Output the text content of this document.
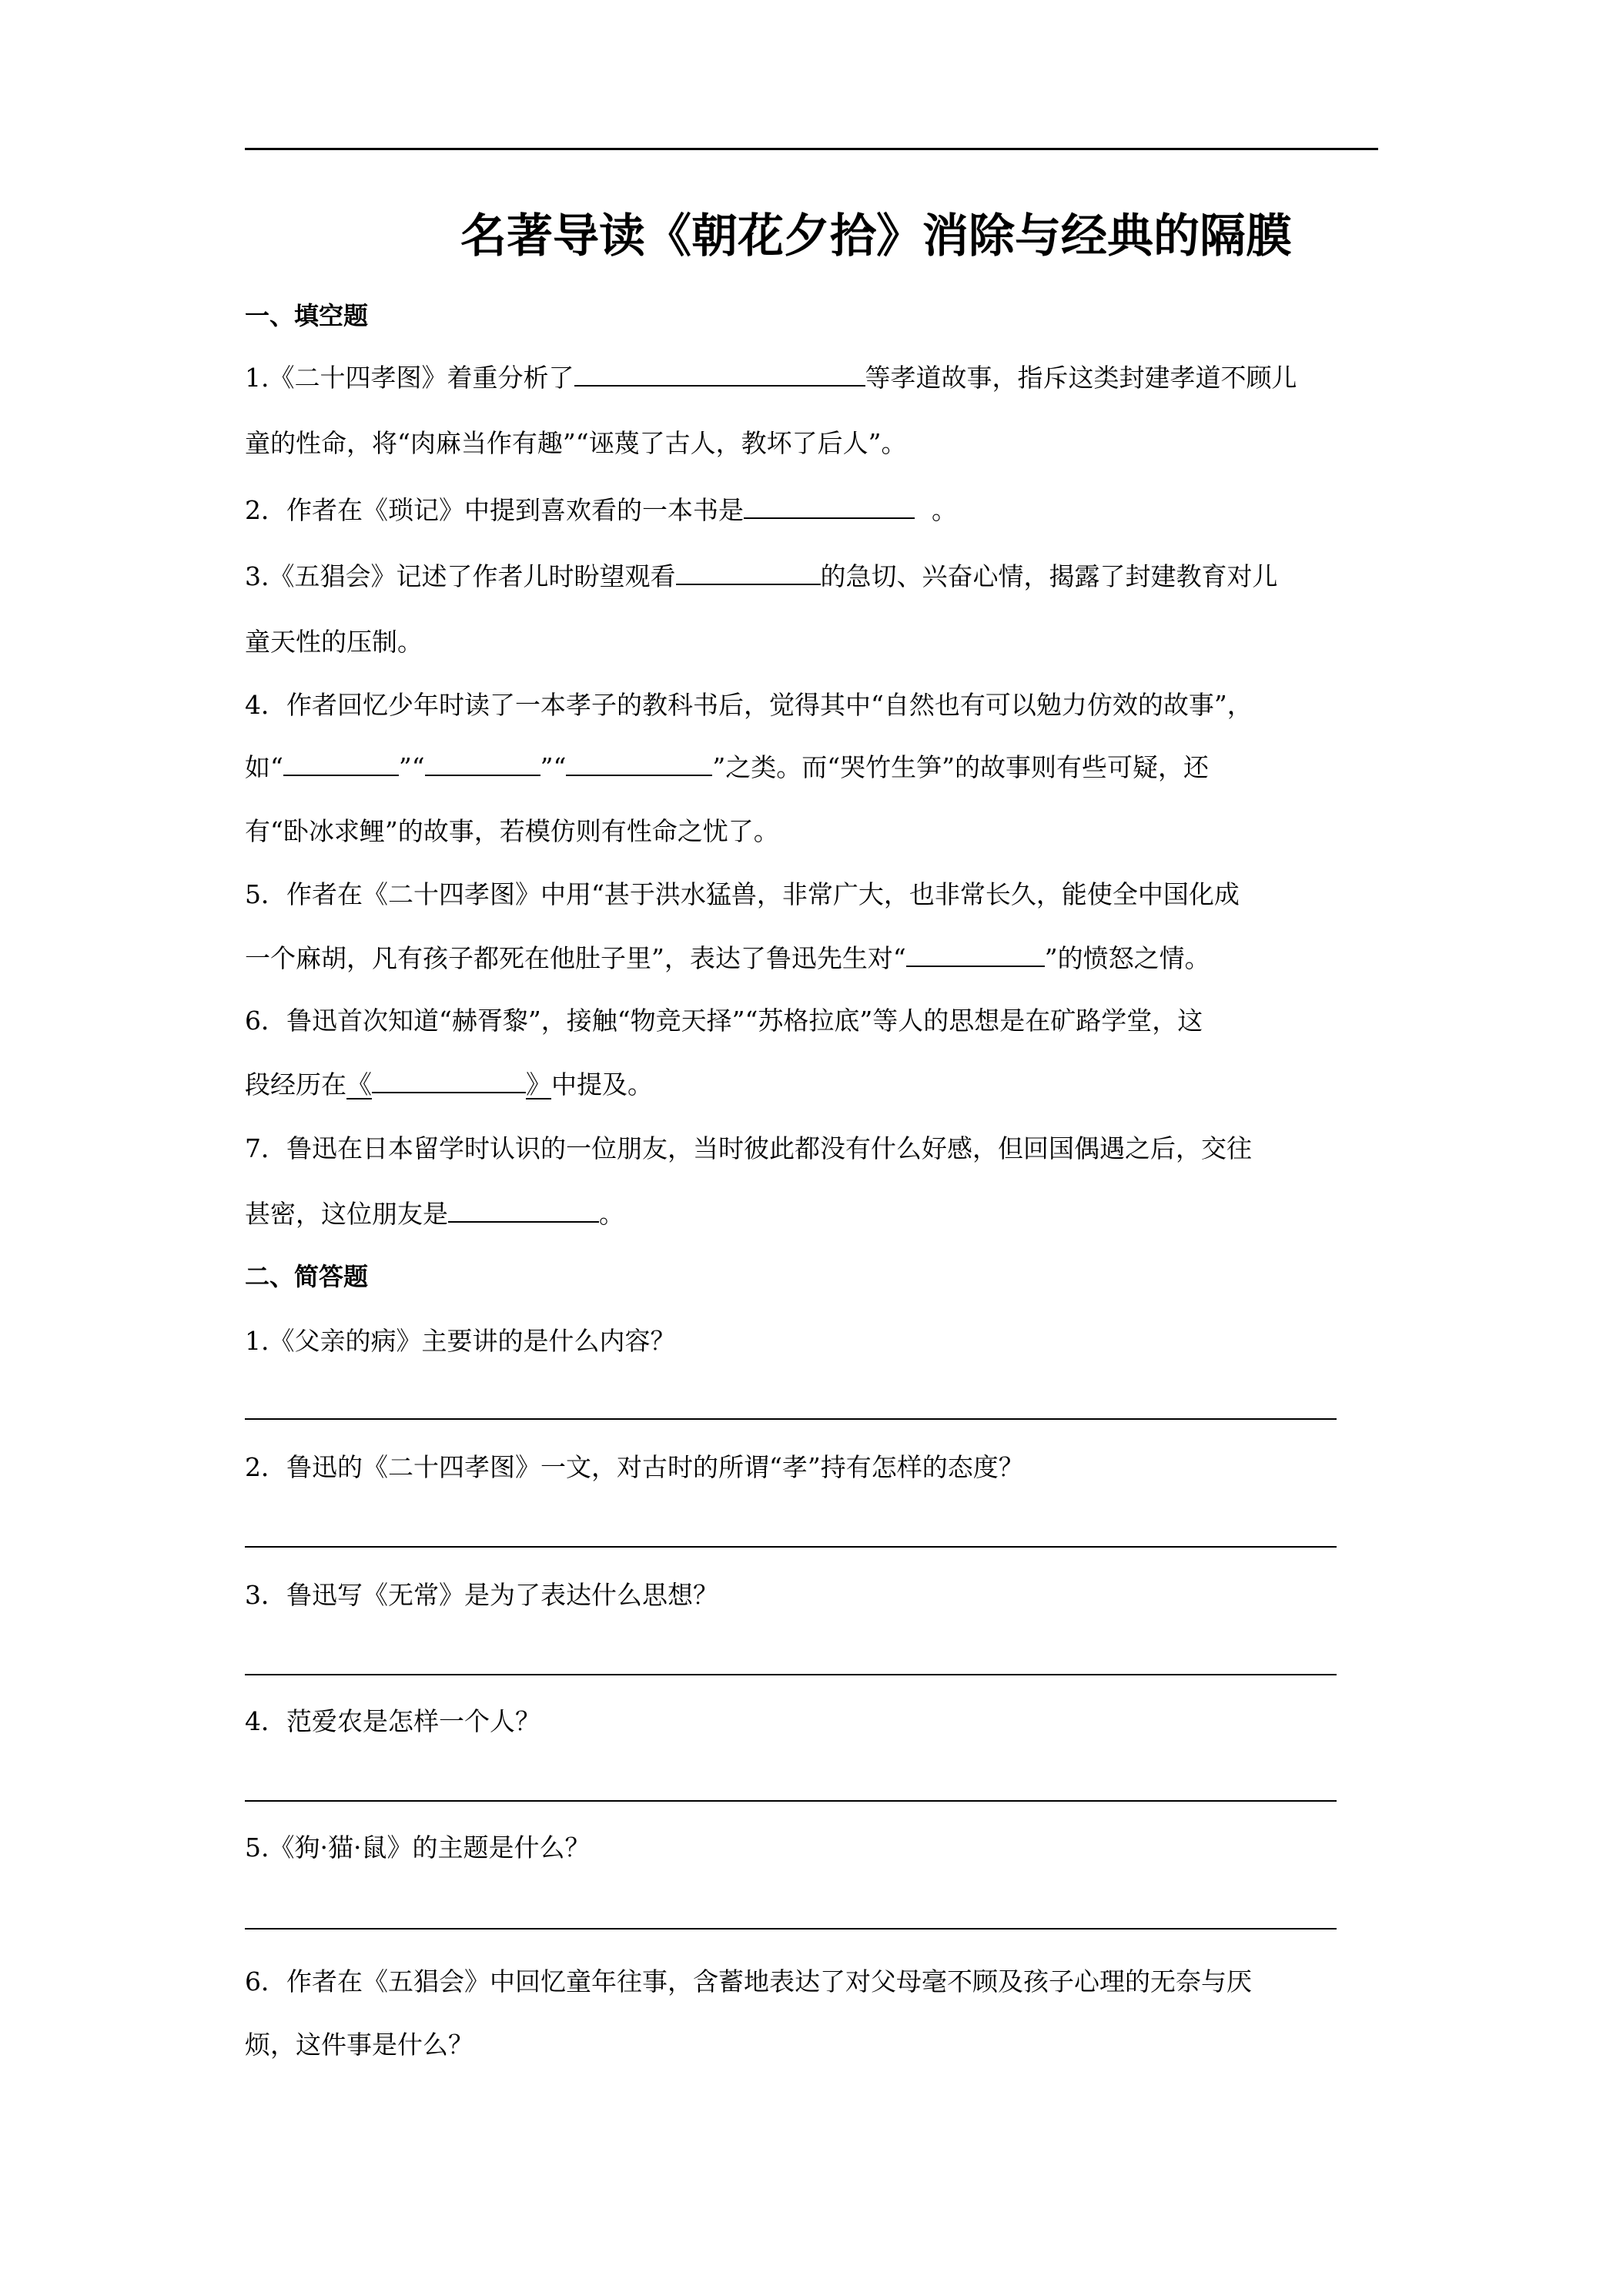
名著导读《朝花夕拾》消除与经典的隔膜
一、填空题
1.《二十四孝图》着重分析了	等孝道故事，指斥这类封建孝道不顾儿
童的性命，将“肉麻当作有趣”“诬蔑了古人，教坏了后人”。
2．作者在《琐记》中提到喜欢看的一本书是	。
3.《五猖会》记述了作者儿时盼望观看	的急切、兴奋心情，揭露了封建教育对儿
童天性的压制。
4．作者回忆少年时读了一本孝子的教科书后，觉得其中“自然也有可以勉力仿效的故事”，
如“	”“	”“	”之类。而“哭竹生笋”的故事则有些可疑，还
有“卧冰求鲤”的故事，若模仿则有性命之忧了。
5．作者在《二十四孝图》中用“甚于洪水猛兽，非常广大，也非常长久，能使全中国化成
一个麻胡，凡有孩子都死在他肚子里”，表达了鲁迅先生对“	”的愤怒之情。
6．鲁迅首次知道“赫胥黎”，接触“物竞天择”“苏格拉底”等人的思想是在矿路学堂，这
段经历在《	》中提及。
7．鲁迅在日本留学时认识的一位朋友，当时彼此都没有什么好感，但回国偶遇之后，交往
甚密，这位朋友是	。
二、简答题
1.《父亲的病》主要讲的是什么内容？
2．鲁迅的《二十四孝图》一文，对古时的所谓“孝”持有怎样的态度？
3．鲁迅写《无常》是为了表达什么思想？
4．范爱农是怎样一个人？
5.《狗·猫·鼠》的主题是什么？
6．作者在《五猖会》中回忆童年往事，含蓄地表达了对父母毫不顾及孩子心理的无奈与厌
烦，这件事是什么？
